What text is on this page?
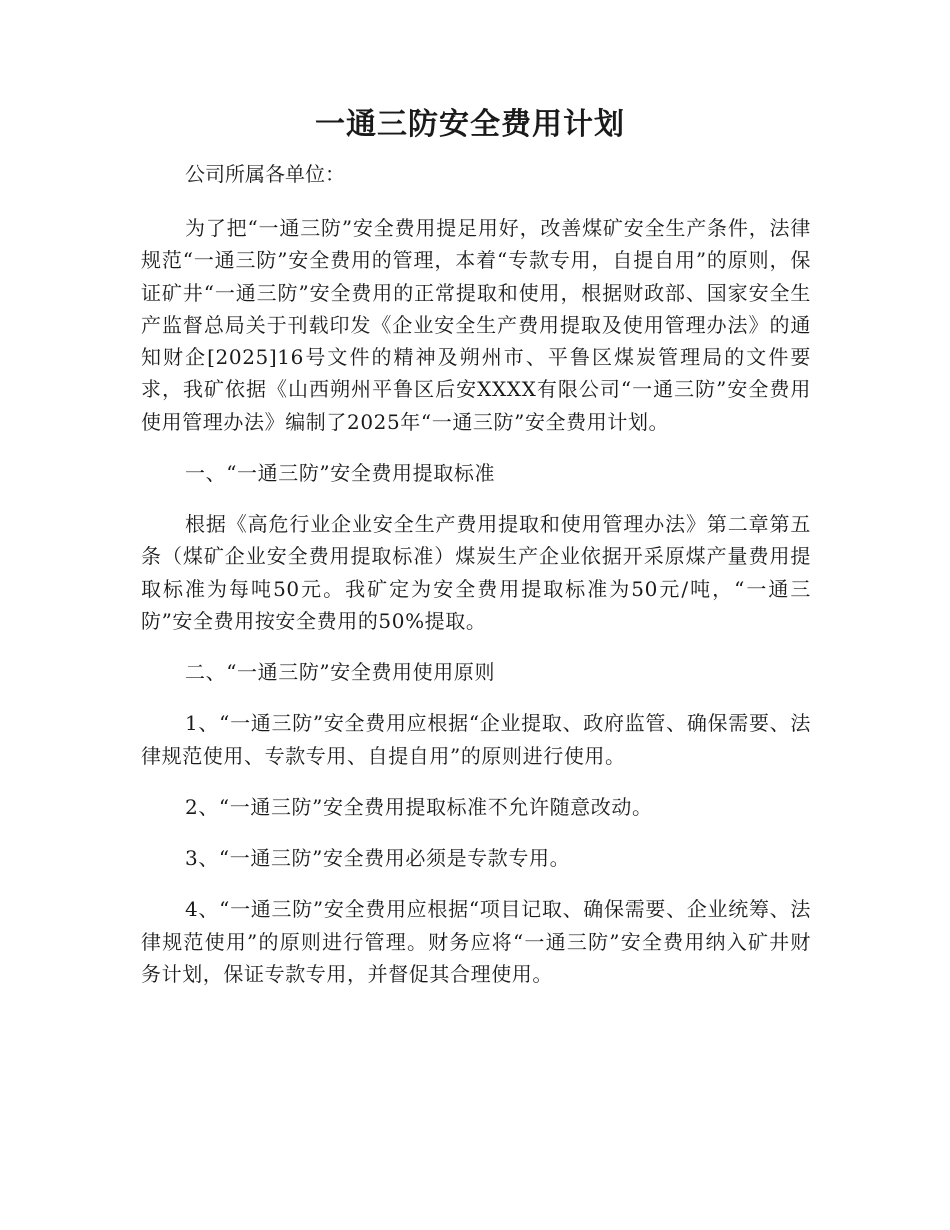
一通三防安全费用计划

公司所属各单位：

为了把“一通三防”安全费用提足用好，改善煤矿安全生产条件，法律规范“一通三防”安全费用的管理，本着“专款专用，自提自用”的原则，保证矿井“一通三防”安全费用的正常提取和使用，根据财政部、国家安全生产监督总局关于刊载印发《企业安全生产费用提取及使用管理办法》的通知财企[2025]16号文件的精神及朔州市、平鲁区煤炭管理局的文件要求，我矿依据《山西朔州平鲁区后安XXXX有限公司“一通三防”安全费用使用管理办法》编制了2025年“一通三防”安全费用计划。

一、“一通三防”安全费用提取标准

根据《高危行业企业安全生产费用提取和使用管理办法》第二章第五条（煤矿企业安全费用提取标准）煤炭生产企业依据开采原煤产量费用提取标准为每吨50元。我矿定为安全费用提取标准为50元/吨，“一通三防”安全费用按安全费用的50%提取。

二、“一通三防”安全费用使用原则

1、“一通三防”安全费用应根据“企业提取、政府监管、确保需要、法律规范使用、专款专用、自提自用”的原则进行使用。

2、“一通三防”安全费用提取标准不允许随意改动。

3、“一通三防”安全费用必须是专款专用。

4、“一通三防”安全费用应根据“项目记取、确保需要、企业统筹、法律规范使用”的原则进行管理。财务应将“一通三防”安全费用纳入矿井财务计划，保证专款专用，并督促其合理使用。
